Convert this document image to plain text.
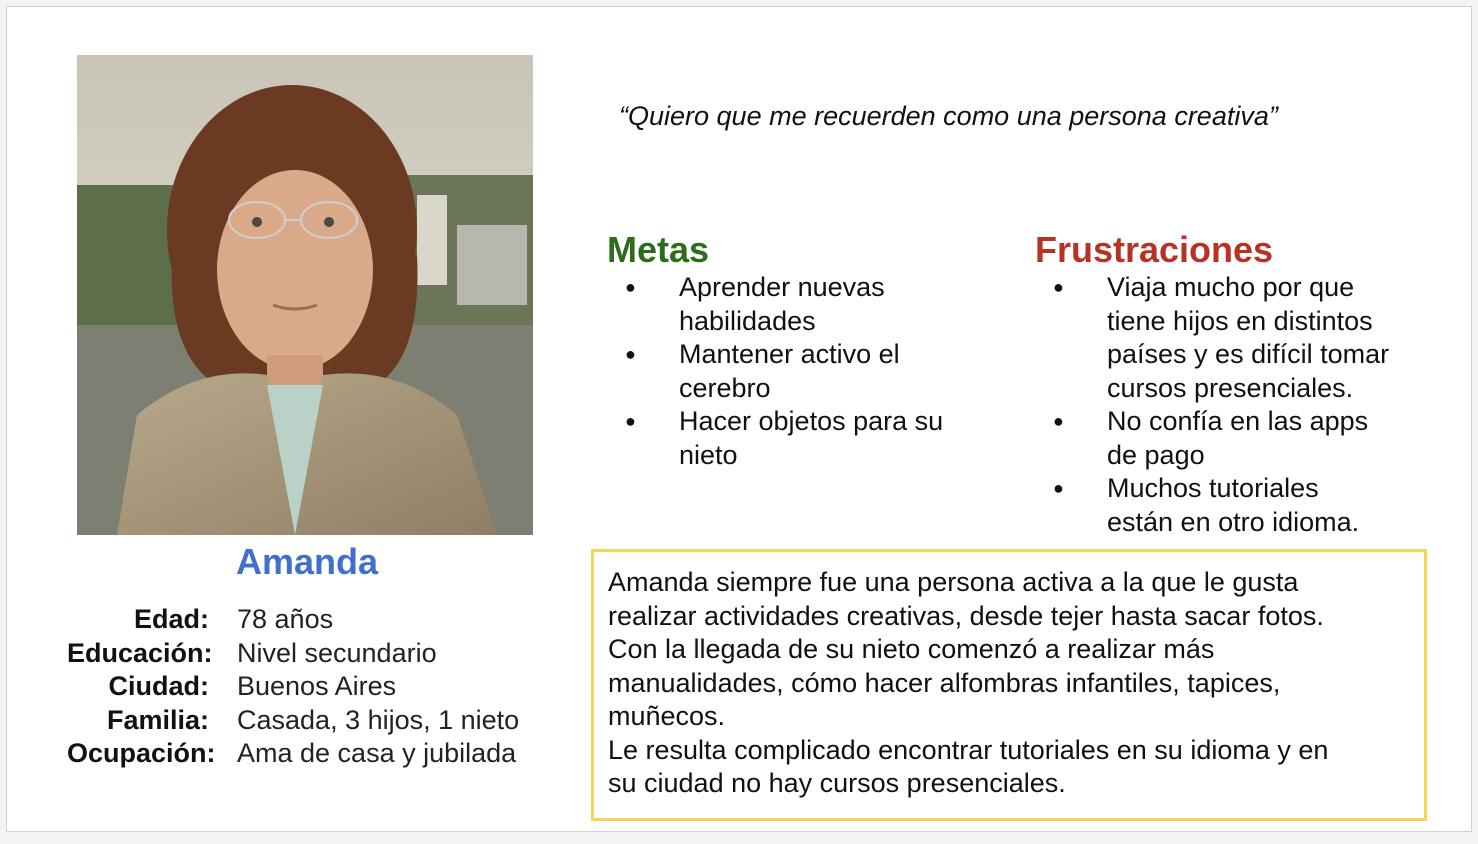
Amanda
Edad:	78 años
Educación: Nivel secundario
Ciudad:	Buenos Aires
Familia:	Casada, 3 hijos, 1 nieto
Ocupación: Ama de casa y jubilada
“Quiero que me recuerden como una persona creativa”
Metas
● Aprender nuevas
habilidades
● Mantener activo el
cerebro
● Hacer objetos para su
nieto
Frustraciones
● Viaja mucho por que
tiene hijos en distintos
países y es difícil tomar
cursos presenciales.
● No confía en las apps
de pago
● Muchos tutoriales
están en otro idioma.

Amanda siempre fue una persona activa a la que le gusta

realizar actividades creativas, desde tejer hasta sacar fotos.

Con la llegada de su nieto comenzó a realizar más

manualidades, cómo hacer alfombras infantiles, tapices,

muñecos.

Le resulta complicado encontrar tutoriales en su idioma y en

su ciudad no hay cursos presenciales.
